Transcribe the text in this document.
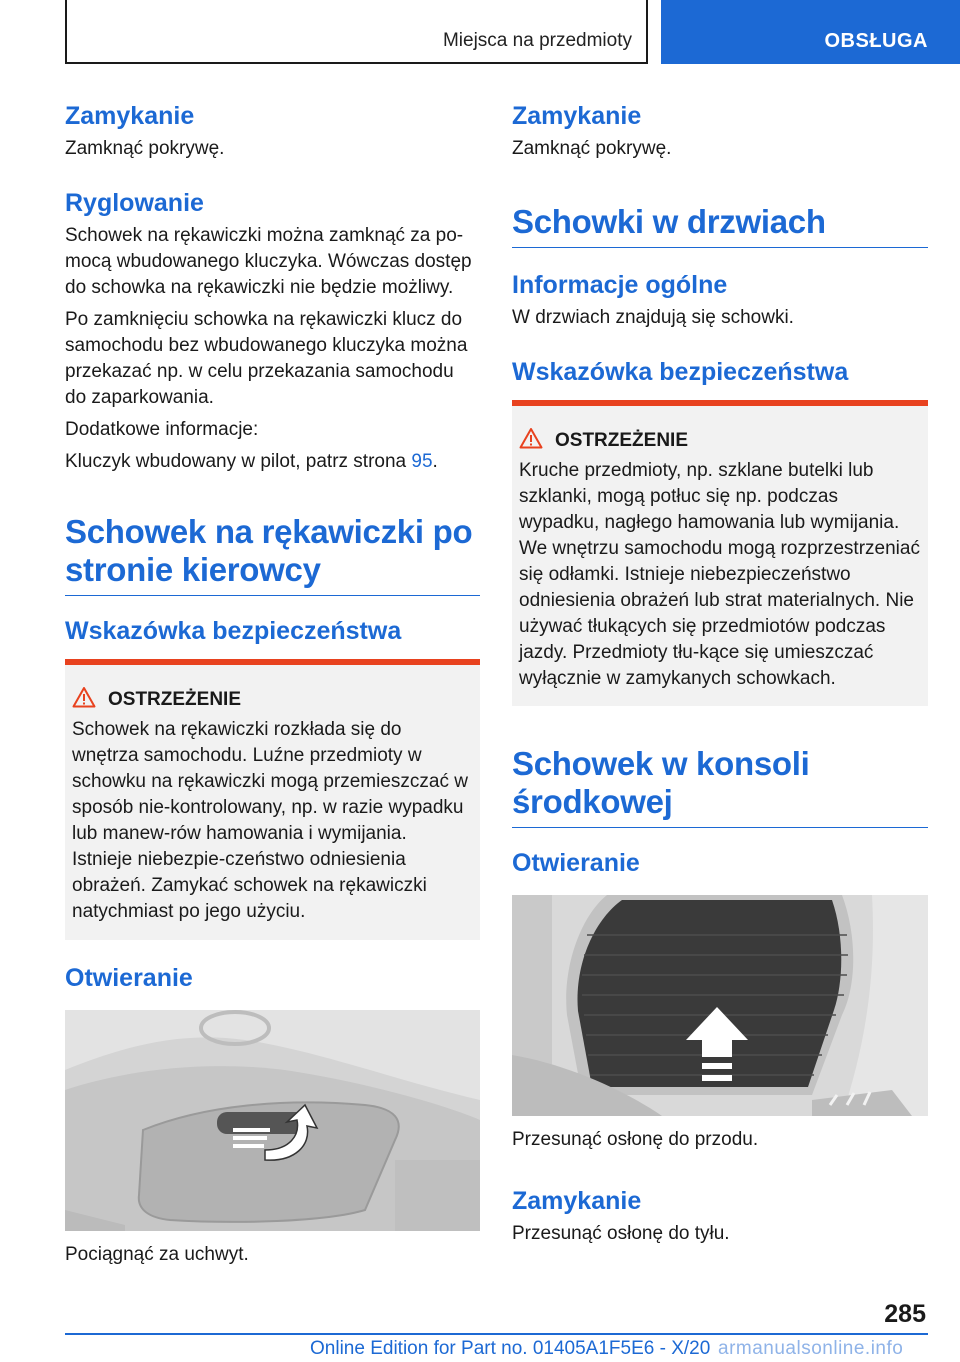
Miejsca na przedmioty	OBSŁUGA
Zamykanie

Zamknąć pokrywę.

Ryglowanie

Schowek na rękawiczki można zamknąć za po‐mocą wbudowanego kluczyka. Wówczas dostęp do schowka na rękawiczki nie będzie możliwy.

Po zamknięciu schowka na rękawiczki klucz do samochodu bez wbudowanego kluczyka można przekazać np. w celu przekazania samochodu do zaparkowania.

Dodatkowe informacje:

Kluczyk wbudowany w pilot, patrz strona 95.

Schowek na rękawiczki po stronie kierowcy
Wskazówka bezpieczeństwa
OSTRZEŻENIE
Schowek na rękawiczki rozkłada się do wnętrza samochodu. Luźne przedmioty w schowku na rękawiczki mogą przemieszczać w sposób nie‐kontrolowany, np. w razie wypadku lub manew‐rów hamowania i wymijania. Istnieje niebezpie‐czeństwo odniesienia obrażeń. Zamykać schowek na rękawiczki natychmiast po jego użyciu.
Otwieranie

Pociągnąć za uchwyt.

Zamykanie

Zamknąć pokrywę.

Schowki w drzwiach
Informacje ogólne

W drzwiach znajdują się schowki.

Wskazówka bezpieczeństwa
OSTRZEŻENIE
Kruche przedmioty, np. szklane butelki lub szklanki, mogą potłuc się np. podczas wypadku, nagłego hamowania lub wymijania. We wnętrzu samochodu mogą rozprzestrzeniać się odłamki. Istnieje niebezpieczeństwo odniesienia obrażeń lub strat materialnych. Nie używać tłukących się przedmiotów podczas jazdy. Przedmioty tłu‐kące się umieszczać wyłącznie w zamykanych schowkach.
Schowek w konsoli środkowej
Otwieranie

Przesunąć osłonę do przodu.

Zamykanie

Przesunąć osłonę do tyłu.

285
Online Edition for Part no. 01405A1F5E6 - X/20 armanualsonline.info
